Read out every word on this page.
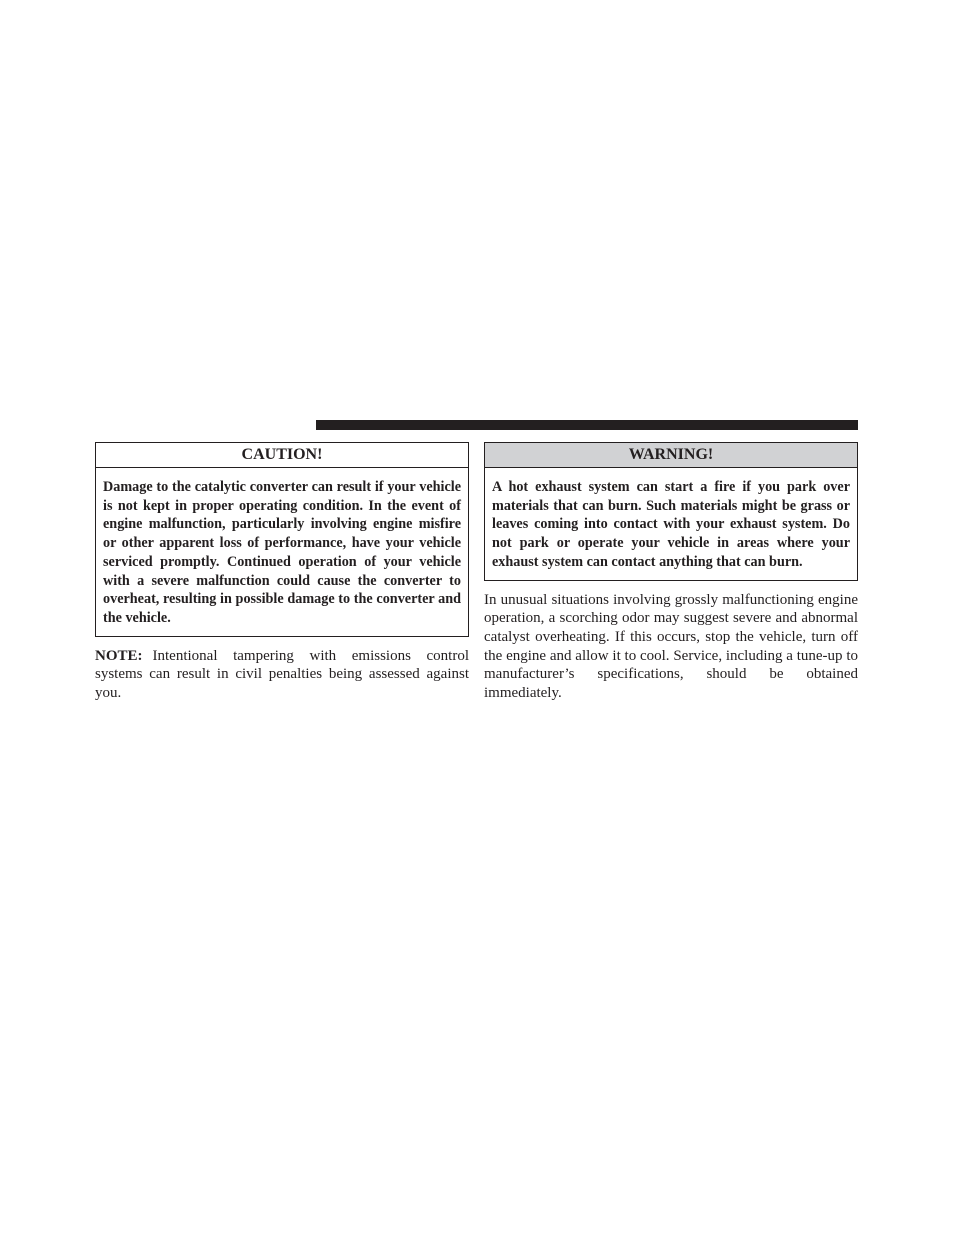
CAUTION!
Damage to the catalytic converter can result if your vehicle is not kept in proper operating condition. In the event of engine malfunction, particularly involving engine misfire or other apparent loss of performance, have your vehicle serviced promptly. Continued operation of your vehicle with a severe malfunction could cause the converter to overheat, resulting in possible damage to the converter and the vehicle.
NOTE: Intentional tampering with emissions control systems can result in civil penalties being assessed against you.
WARNING!
A hot exhaust system can start a fire if you park over materials that can burn. Such materials might be grass or leaves coming into contact with your exhaust system. Do not park or operate your vehicle in areas where your exhaust system can contact anything that can burn.
In unusual situations involving grossly malfunctioning engine operation, a scorching odor may suggest severe and abnormal catalyst overheating. If this occurs, stop the vehicle, turn off the engine and allow it to cool. Service, including a tune-up to manufacturer’s specifications, should be obtained immediately.
